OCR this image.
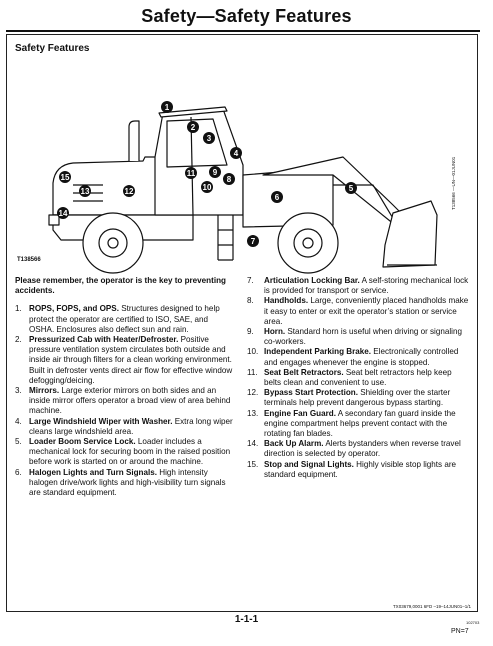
Safety—Safety Features
Safety Features
1
2
3
4
5
6
7
8
9
10
11
12
13
14
15
T138566
T138566 —UN—01JUN01

Please remember, the operator is the key to preventing accidents.

1. ROPS, FOPS, and OPS. Structures designed to help protect the operator are certified to ISO, SAE, and OSHA. Enclosures also deflect sun and rain.
2. Pressurized Cab with Heater/Defroster. Positive pressure ventilation system circulates both outside and inside air through filters for a clean working environment. Built in defroster vents direct air flow for effective window defogging/deicing.
3. Mirrors. Large exterior mirrors on both sides and an inside mirror offers operator a broad view of area behind machine.
4. Large Windshield Wiper with Washer. Extra long wiper cleans large windshield area.
5. Loader Boom Service Lock. Loader includes a mechanical lock for securing boom in the raised position before work is started on or around the machine.
6. Halogen Lights and Turn Signals. High intensity halogen drive/work lights and high-visibility turn signals are standard equipment.
7.	Articulation Locking Bar. A self-storing mechanical lock is provided for transport or service.
8.	Handholds. Large, conveniently placed handholds make it easy to enter or exit the operator’s station or service area.
9.	Horn. Standard horn is useful when driving or signaling co-workers.
10. Independent Parking Brake. Electronically controlled and engages whenever the engine is stopped.
11. Seat Belt Retractors. Seat belt retractors help keep belts clean and convenient to use.
12. Bypass Start Protection. Shielding over the starter terminals help prevent dangerous bypass starting.
13. Engine Fan Guard. A secondary fan guard inside the engine compartment helps prevent contact with the rotating fan blades.
14. Back Up Alarm. Alerts bystanders when reverse travel direction is selected by operator.
15. Stop and Signal Lights. Highly visible stop lights are standard equipment.
TX03679,0001 6FD –19–14JUN01–1/1
1-1-1	102703
PN=7
